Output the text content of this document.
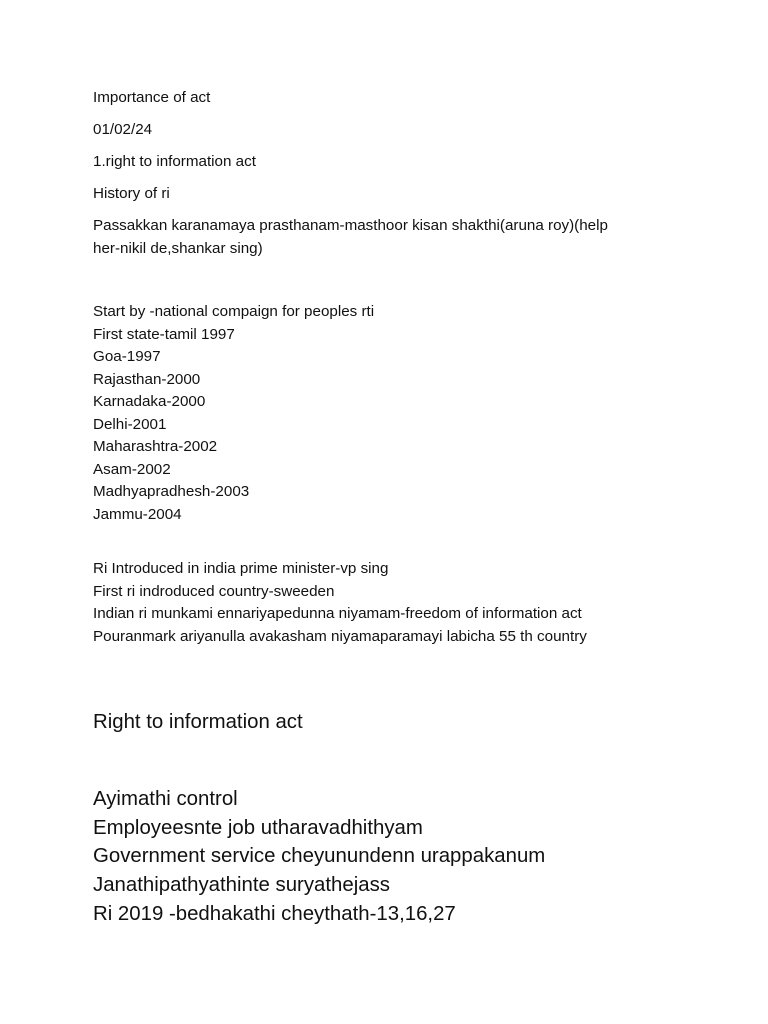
Importance of act

01/02/24

1.right to information act

History of ri

Passakkan karanamaya prasthanam-masthoor kisan shakthi(aruna roy)(help
her-nikil de,shankar sing)
Start by -national compaign for peoples rti
First state-tamil 1997
Goa-1997
Rajasthan-2000
Karnadaka-2000
Delhi-2001
Maharashtra-2002
Asam-2002
Madhyapradhesh-2003
Jammu-2004
Ri Introduced in india prime minister-vp sing
First ri indroduced country-sweeden
Indian ri munkami ennariyapedunna niyamam-freedom of information act
Pouranmark ariyanulla avakasham niyamaparamayi labicha 55 th country

Right to information act

Ayimathi control
Employeesnte job utharavadhithyam
Government service cheyunundenn urappakanum
Janathipathyathinte suryathejass
Ri 2019 -bedhakathi cheythath-13,16,27
